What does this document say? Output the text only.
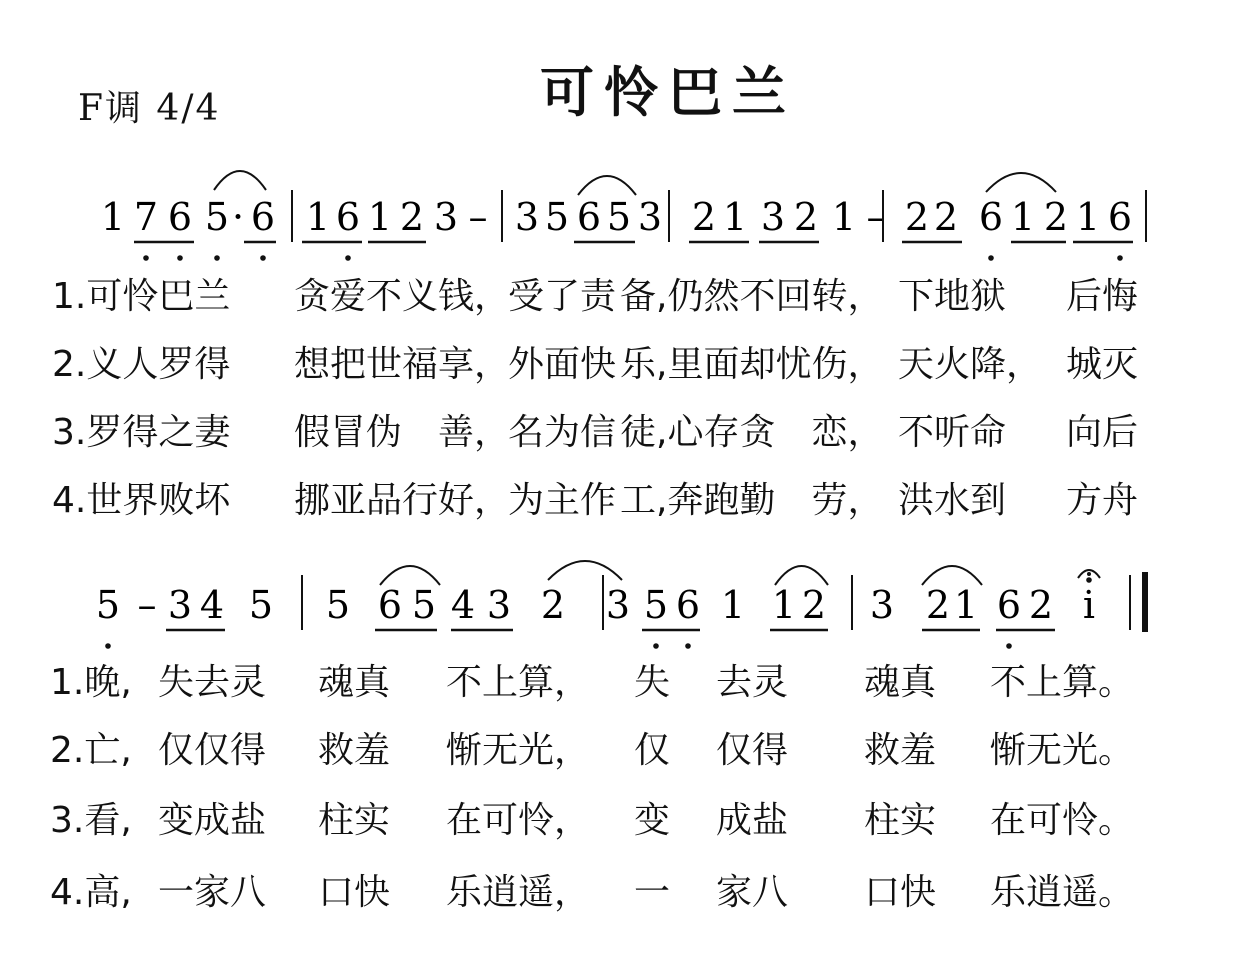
F调 4/4	可怜巴兰
1 7 6 5 · 6 1 6 1 2 3 – 3 5 6 5 3 2 1 3 2 1 – 2 2 6 1 2 1 6
5 – 3 4 5 5 6 5 4 3 2 3 5 6 1 1 2 3 2 1 6 2 i
1.可怜巴兰 贪爱不义钱，
受了责 备,仍然不回转， 下地狱 后悔
2.义人罗得 想把世福享，
外面快 乐,里面却忧伤， 天火降， 城灭
3.罗得之妻 假冒伪　善，
名为信 徒,心存贪　恋， 不听命 向后
4.世界败坏 挪亚品行好，
为主作 工,奔跑勤　劳， 洪水到 方舟
1.晚, 失去灵 魂真 不上算， 失 去灵 魂真 不上算。
2.亡, 仅仅得 救羞 惭无光， 仅 仅得 救羞 惭无光。
3.看, 变成盐 柱实 在可怜， 变 成盐 柱实 在可怜。
4.高, 一家八 口快 乐逍遥， 一 家八 口快 乐逍遥。
